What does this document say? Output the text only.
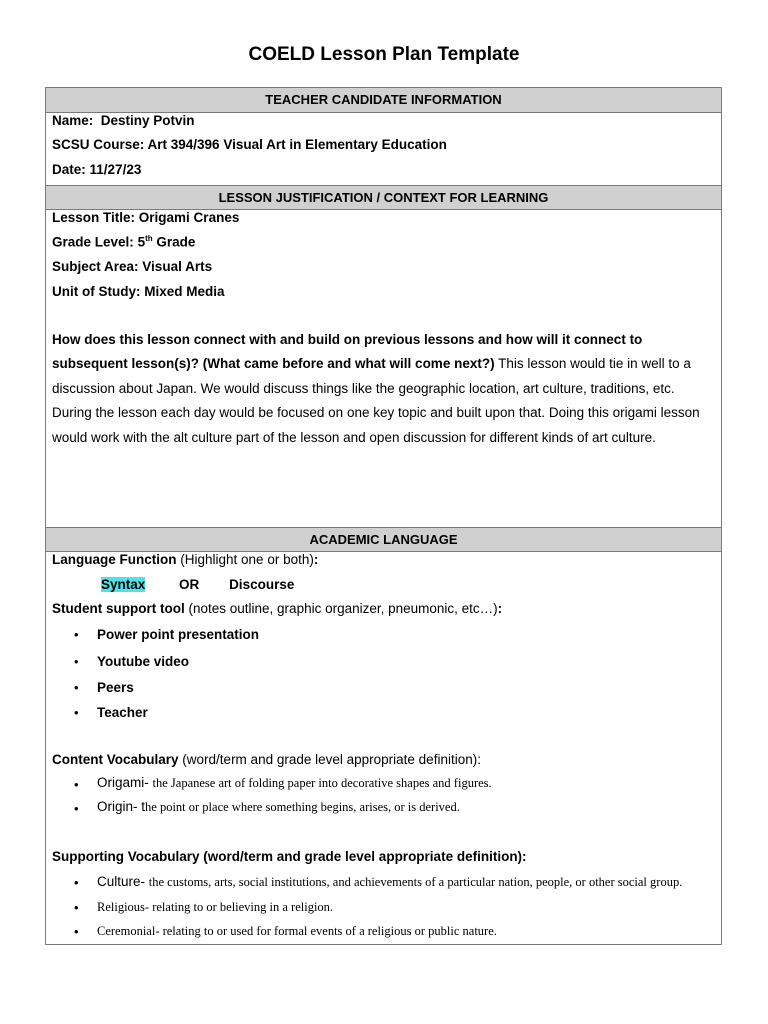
COELD Lesson Plan Template
TEACHER CANDIDATE INFORMATION
Name: Destiny Potvin
SCSU Course: Art 394/396 Visual Art in Elementary Education
Date: 11/27/23
LESSON JUSTIFICATION / CONTEXT FOR LEARNING
Lesson Title: Origami Cranes
Grade Level: 5th Grade
Subject Area: Visual Arts
Unit of Study: Mixed Media
How does this lesson connect with and build on previous lessons and how will it connect to subsequent lesson(s)? (What came before and what will come next?) This lesson would tie in well to a discussion about Japan. We would discuss things like the geographic location, art culture, traditions, etc. During the lesson each day would be focused on one key topic and built upon that. Doing this origami lesson would work with the alt culture part of the lesson and open discussion for different kinds of art culture.
ACADEMIC LANGUAGE
Language Function (Highlight one or both):
Syntax	OR Discourse
Student support tool (notes outline, graphic organizer, pneumonic, etc…):
• Power point presentation
• Youtube video
• Peers
• Teacher
Content Vocabulary (word/term and grade level appropriate definition):
• Origami- the Japanese art of folding paper into decorative shapes and figures.
• Origin- the point or place where something begins, arises, or is derived.
Supporting Vocabulary (word/term and grade level appropriate definition):
• Culture- the customs, arts, social institutions, and achievements of a particular nation, people, or other social group.
• Religious- relating to or believing in a religion.
• Ceremonial- relating to or used for formal events of a religious or public nature.
